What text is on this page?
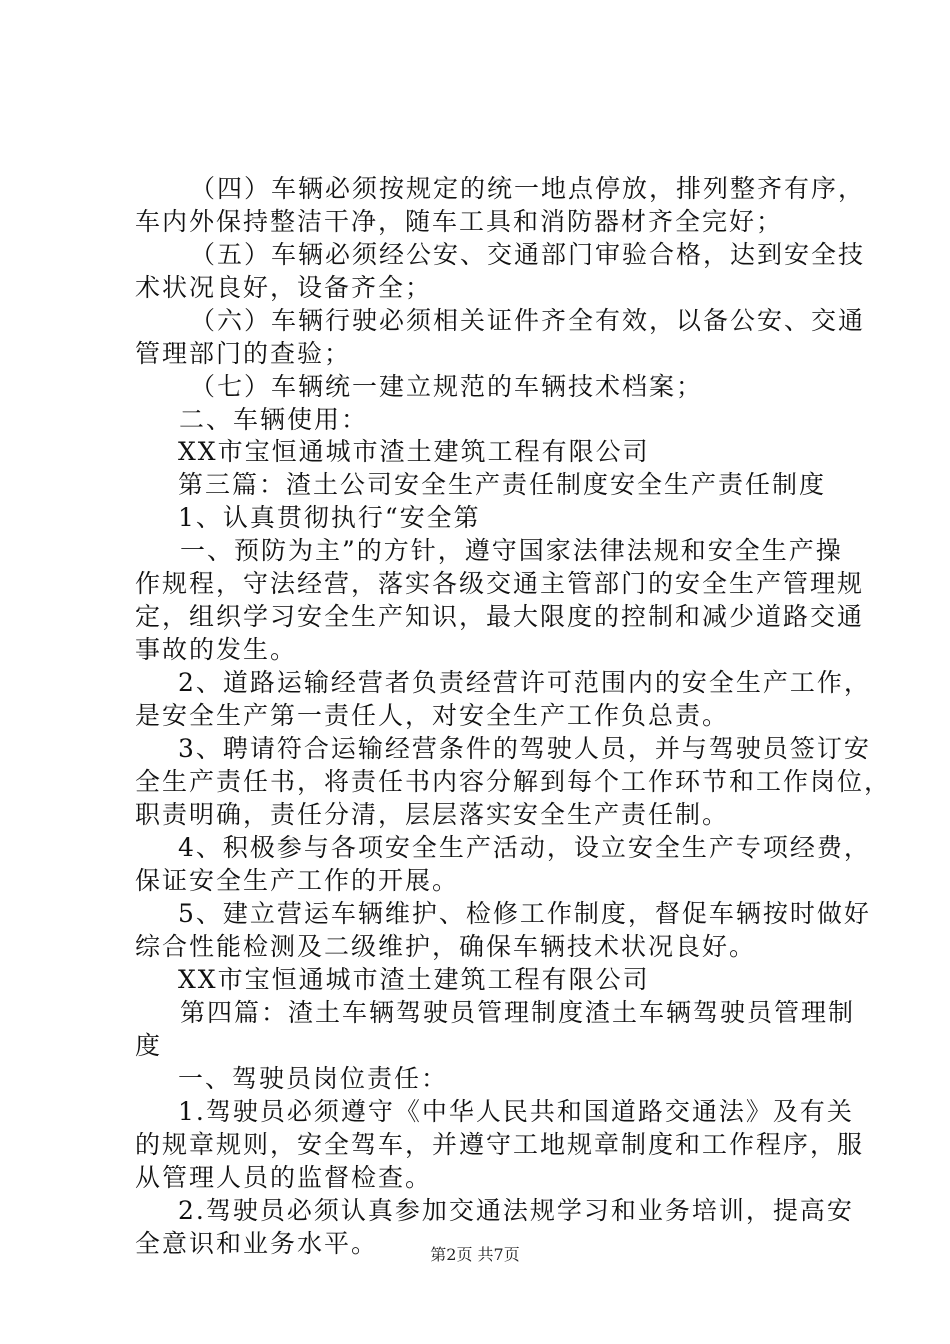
（四）车辆必须按规定的统一地点停放，排列整齐有序，
车内外保持整洁干净，随车工具和消防器材齐全完好；
（五）车辆必须经公安、交通部门审验合格，达到安全技
术状况良好，设备齐全；
（六）车辆行驶必须相关证件齐全有效，以备公安、交通
管理部门的查验；
（七）车辆统一建立规范的车辆技术档案；
二、车辆使用：
XX市宝恒通城市渣土建筑工程有限公司
第三篇：渣土公司安全生产责任制度安全生产责任制度
1、认真贯彻执行“安全第
一、预防为主”的方针，遵守国家法律法规和安全生产操
作规程，守法经营，落实各级交通主管部门的安全生产管理规
定，组织学习安全生产知识，最大限度的控制和减少道路交通
事故的发生。
2、道路运输经营者负责经营许可范围内的安全生产工作，
是安全生产第一责任人，对安全生产工作负总责。
3、聘请符合运输经营条件的驾驶人员，并与驾驶员签订安
全生产责任书，将责任书内容分解到每个工作环节和工作岗位，
职责明确，责任分清，层层落实安全生产责任制。
4、积极参与各项安全生产活动，设立安全生产专项经费，
保证安全生产工作的开展。
5、建立营运车辆维护、检修工作制度，督促车辆按时做好
综合性能检测及二级维护，确保车辆技术状况良好。
XX市宝恒通城市渣土建筑工程有限公司
第四篇：渣土车辆驾驶员管理制度渣土车辆驾驶员管理制
度
一、驾驶员岗位责任：
1.驾驶员必须遵守《中华人民共和国道路交通法》及有关
的规章规则，安全驾车，并遵守工地规章制度和工作程序，服
从管理人员的监督检查。
2.驾驶员必须认真参加交通法规学习和业务培训，提高安
全意识和业务水平。	第2页 共7页
